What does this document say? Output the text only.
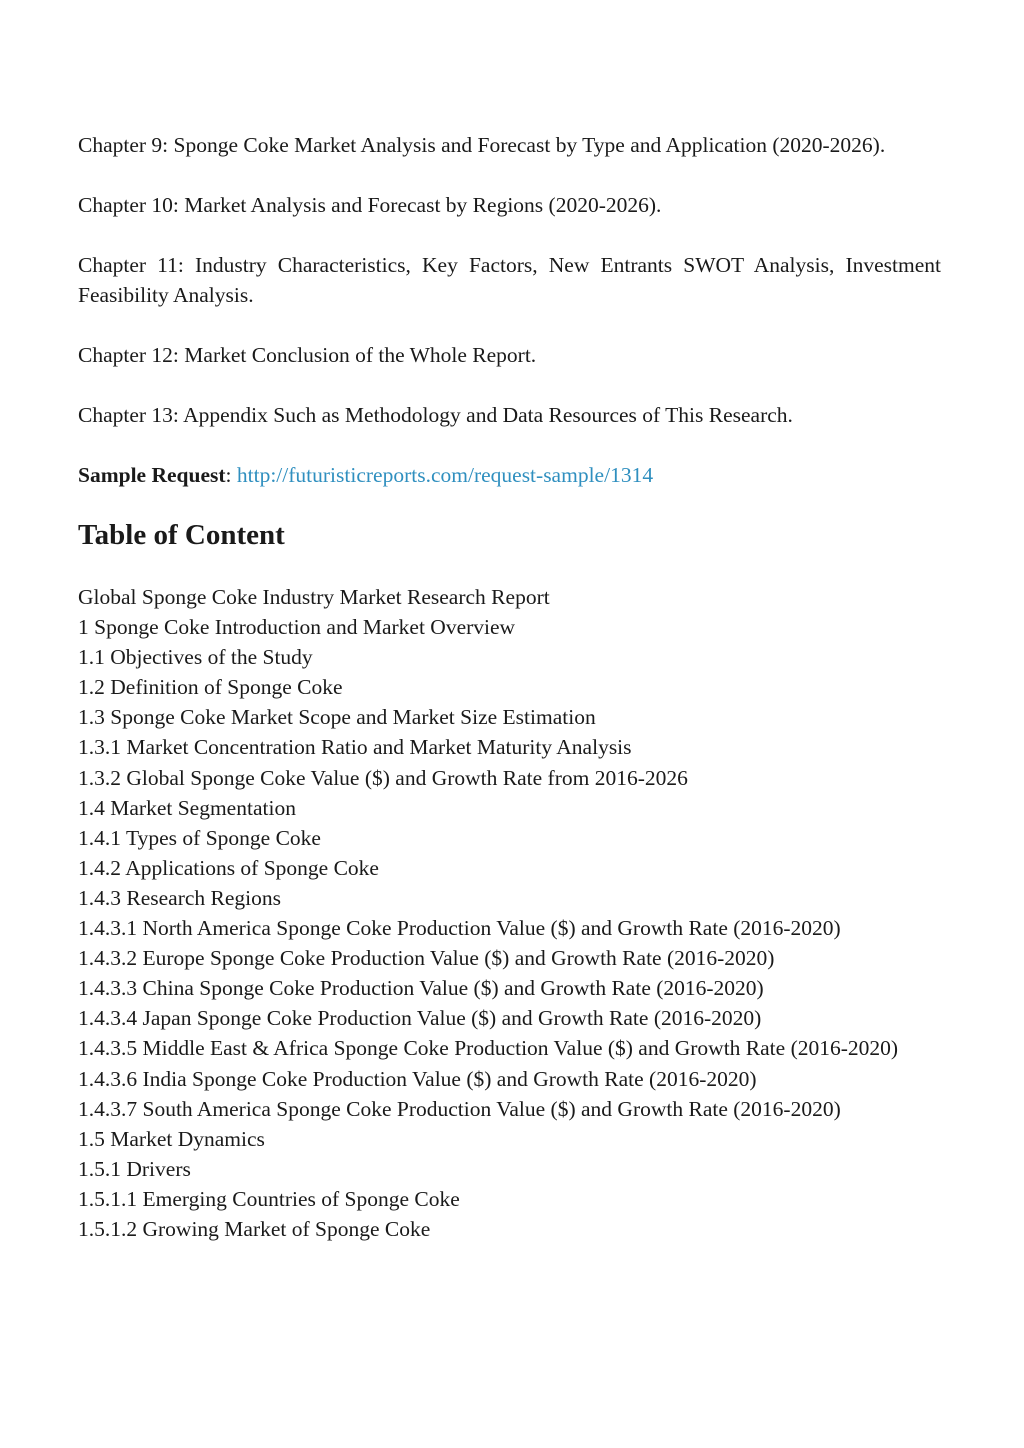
Chapter 9: Sponge Coke Market Analysis and Forecast by Type and Application (2020-2026).

Chapter 10: Market Analysis and Forecast by Regions (2020-2026).

Chapter 11: Industry Characteristics, Key Factors, New Entrants SWOT Analysis, Investment Feasibility Analysis.

Chapter 12: Market Conclusion of the Whole Report.

Chapter 13: Appendix Such as Methodology and Data Resources of This Research.

Sample Request: http://futuristicreports.com/request-sample/1314

Table of Content
Global Sponge Coke Industry Market Research Report
1 Sponge Coke Introduction and Market Overview
1.1 Objectives of the Study
1.2 Definition of Sponge Coke
1.3 Sponge Coke Market Scope and Market Size Estimation
1.3.1 Market Concentration Ratio and Market Maturity Analysis
1.3.2 Global Sponge Coke Value ($) and Growth Rate from 2016-2026
1.4 Market Segmentation
1.4.1 Types of Sponge Coke
1.4.2 Applications of Sponge Coke
1.4.3 Research Regions
1.4.3.1 North America Sponge Coke Production Value ($) and Growth Rate (2016-2020)
1.4.3.2 Europe Sponge Coke Production Value ($) and Growth Rate (2016-2020)
1.4.3.3 China Sponge Coke Production Value ($) and Growth Rate (2016-2020)
1.4.3.4 Japan Sponge Coke Production Value ($) and Growth Rate (2016-2020)
1.4.3.5 Middle East & Africa Sponge Coke Production Value ($) and Growth Rate (2016-2020)
1.4.3.6 India Sponge Coke Production Value ($) and Growth Rate (2016-2020)
1.4.3.7 South America Sponge Coke Production Value ($) and Growth Rate (2016-2020)
1.5 Market Dynamics
1.5.1 Drivers
1.5.1.1 Emerging Countries of Sponge Coke
1.5.1.2 Growing Market of Sponge Coke
